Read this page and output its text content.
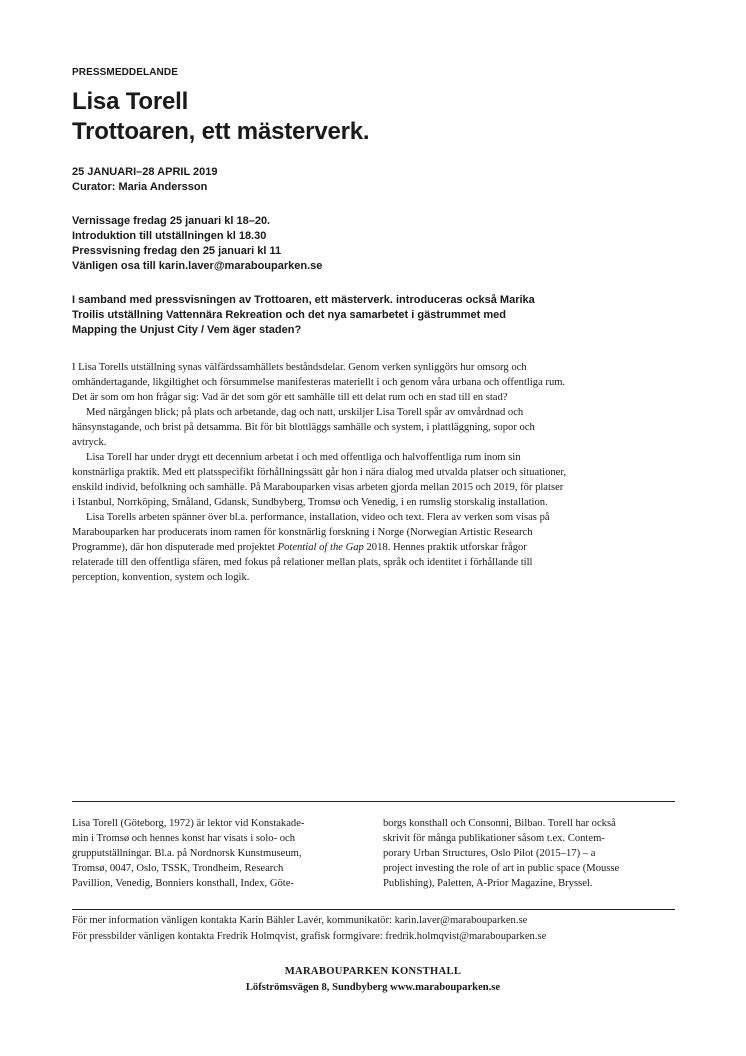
PRESSMEDDELANDE
Lisa Torell
Trottoaren, ett mästerverk.
25 JANUARI–28 APRIL 2019
Curator: Maria Andersson
Vernissage fredag 25 januari kl 18–20.
Introduktion till utställningen kl 18.30
Pressvisning fredag den 25 januari kl 11
Vänligen osa till karin.laver@marabouparken.se
I samband med pressvisningen av Trottoaren, ett mästerverk. introduceras också Marika Troilis utställning Vattennära Rekreation och det nya samarbetet i gästrummet med Mapping the Unjust City / Vem äger staden?

I Lisa Torells utställning synas välfärdssamhällets beståndsdelar. Genom verken synliggörs hur omsorg och omhändertagande, likgiltighet och försummelse manifesteras materiellt i och genom våra urbana och offentliga rum. Det är som om hon frågar sig: Vad är det som gör ett samhälle till ett delat rum och en stad till en stad?

Med närgången blick; på plats och arbetande, dag och natt, urskiljer Lisa Torell spår av omvårdnad och hänsynstagande, och brist på detsamma. Bit för bit blottläggs samhälle och system, i plattläggning, sopor och avtryck.

Lisa Torell har under drygt ett decennium arbetat i och med offentliga och halvoffentliga rum inom sin konstnärliga praktik. Med ett platsspecifikt förhållningssätt går hon i nära dialog med utvalda platser och situationer, enskild individ, befolkning och samhälle. På Marabouparken visas arbeten gjorda mellan 2015 och 2019, för platser i Istanbul, Norrköping, Småland, Gdansk, Sundbyberg, Tromsø och Venedig, i en rumslig storskalig installation.

Lisa Torells arbeten spänner över bl.a. performance, installation, video och text. Flera av verken som visas på Marabouparken har producerats inom ramen för konstnärlig forskning i Norge (Norwegian Artistic Research Programme), där hon disputerade med projektet Potential of the Gap 2018. Hennes praktik utforskar frågor relaterade till den offentliga sfären, med fokus på relationer mellan plats, språk och identitet i förhållande till perception, konvention, system och logik.

Lisa Torell (Göteborg, 1972) är lektor vid Konstakade-
min i Tromsø och hennes konst har visats i solo- och
grupputställningar. Bl.a. på Nordnorsk Kunstmuseum,
Tromsø, 0047, Oslo, TSSK, Trondheim, Research
Pavillion, Venedig, Bonniers konsthall, Index, Göte-
borgs konsthall och Consonni, Bilbao. Torell har också
skrivit för många publikationer såsom t.ex. Contem-
porary Urban Structures, Oslo Pilot (2015–17) – a
project investing the role of art in public space (Mousse
Publishing), Paletten, A-Prior Magazine, Bryssel.
För mer information vänligen kontakta Karin Bähler Lavér, kommunikatör: karin.laver@marabouparken.se
För pressbilder vänligen kontakta Fredrik Holmqvist, grafisk formgivare: fredrik.holmqvist@marabouparken.se
MARABOUPARKEN KONSTHALL
Löfströmsvägen 8, Sundbyberg www.marabouparken.se
